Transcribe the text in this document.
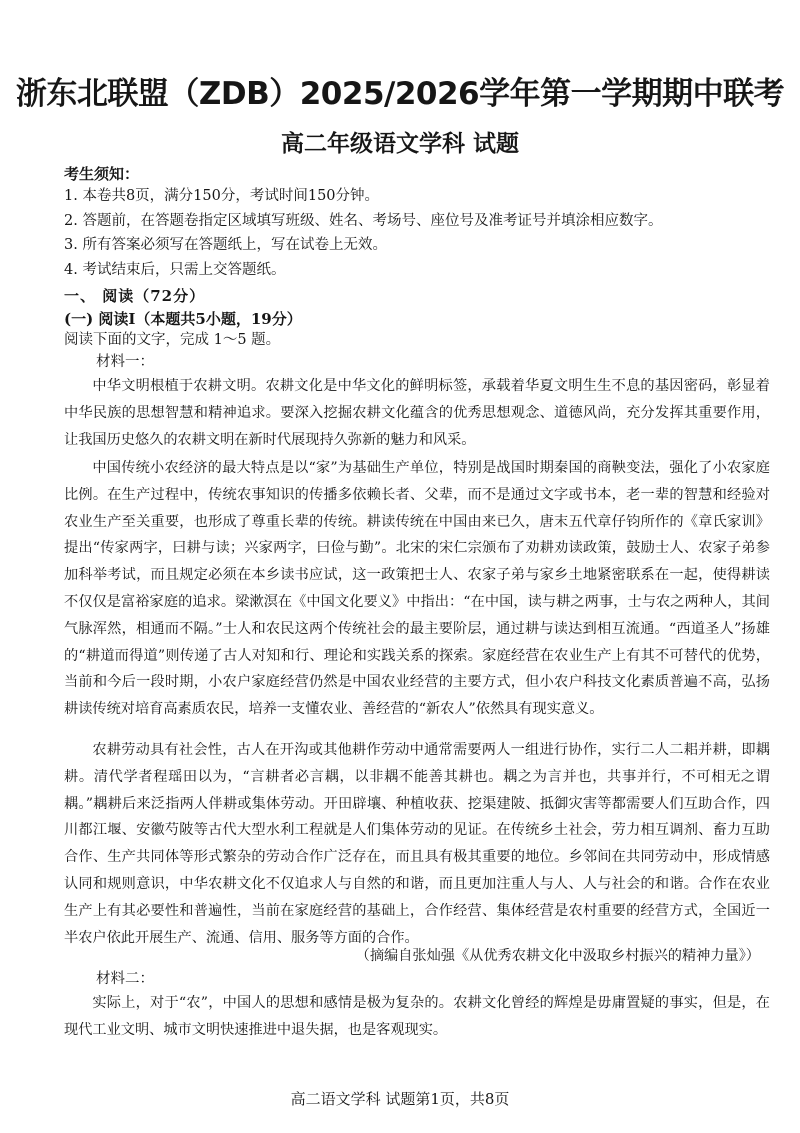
浙东北联盟（ZDB）2025/2026学年第一学期期中联考
高二年级语文学科 试题
考生须知：
1. 本卷共8页，满分150分，考试时间150分钟。
2. 答题前，在答题卷指定区域填写班级、姓名、考场号、座位号及准考证号并填涂相应数字。
3. 所有答案必须写在答题纸上，写在试卷上无效。
4. 考试结束后，只需上交答题纸。
一、 阅读（72分）
(一) 阅读I（本题共5小题，19分）
阅读下面的文字，完成 1～5 题。
材料一：

中华文明根植于农耕文明。农耕文化是中华文化的鲜明标签，承载着华夏文明生生不息的基因密码，彰显着中华民族的思想智慧和精神追求。要深入挖掘农耕文化蕴含的优秀思想观念、道德风尚，充分发挥其重要作用，让我国历史悠久的农耕文明在新时代展现持久弥新的魅力和风采。

中国传统小农经济的最大特点是以“家”为基础生产单位，特别是战国时期秦国的商鞅变法，强化了小农家庭比例。在生产过程中，传统农事知识的传播多依赖长者、父辈，而不是通过文字或书本，老一辈的智慧和经验对农业生产至关重要，也形成了尊重长辈的传统。耕读传统在中国由来已久，唐末五代章仔钧所作的《章氏家训》提出“传家两字，曰耕与读；兴家两字，曰俭与勤”。北宋的宋仁宗颁布了劝耕劝读政策，鼓励士人、农家子弟参加科举考试，而且规定必须在本乡读书应试，这一政策把士人、农家子弟与家乡土地紧密联系在一起，使得耕读不仅仅是富裕家庭的追求。梁漱溟在《中国文化要义》中指出：“在中国，读与耕之两事，士与农之两种人，其间气脉浑然，相通而不隔。”士人和农民这两个传统社会的最主要阶层，通过耕与读达到相互流通。“西道圣人”扬雄的“耕道而得道”则传递了古人对知和行、理论和实践关系的探索。家庭经营在农业生产上有其不可替代的优势，当前和今后一段时期，小农户家庭经营仍然是中国农业经营的主要方式，但小农户科技文化素质普遍不高，弘扬耕读传统对培育高素质农民，培养一支懂农业、善经营的“新农人”依然具有现实意义。

农耕劳动具有社会性，古人在开沟或其他耕作劳动中通常需要两人一组进行协作，实行二人二耜并耕，即耦耕。清代学者程瑶田以为，“言耕者必言耦，以非耦不能善其耕也。耦之为言并也，共事并行，不可相无之谓耦。”耦耕后来泛指两人伴耕或集体劳动。开田辟壤、种植收获、挖渠建陂、抵御灾害等都需要人们互助合作，四川都江堰、安徽芍陂等古代大型水利工程就是人们集体劳动的见证。在传统乡土社会，劳力相互调剂、畜力互助合作、生产共同体等形式繁杂的劳动合作广泛存在，而且具有极其重要的地位。乡邻间在共同劳动中，形成情感认同和规则意识，中华农耕文化不仅追求人与自然的和谐，而且更加注重人与人、人与社会的和谐。合作在农业生产上有其必要性和普遍性，当前在家庭经营的基础上，合作经营、集体经营是农村重要的经营方式，全国近一半农户依此开展生产、流通、信用、服务等方面的合作。

（摘编自张灿强《从优秀农耕文化中汲取乡村振兴的精神力量》）
材料二：

实际上，对于“农”，中国人的思想和感情是极为复杂的。农耕文化曾经的辉煌是毋庸置疑的事实，但是，在现代工业文明、城市文明快速推进中退失据，也是客观现实。

高二语文学科 试题第1页，共8页
